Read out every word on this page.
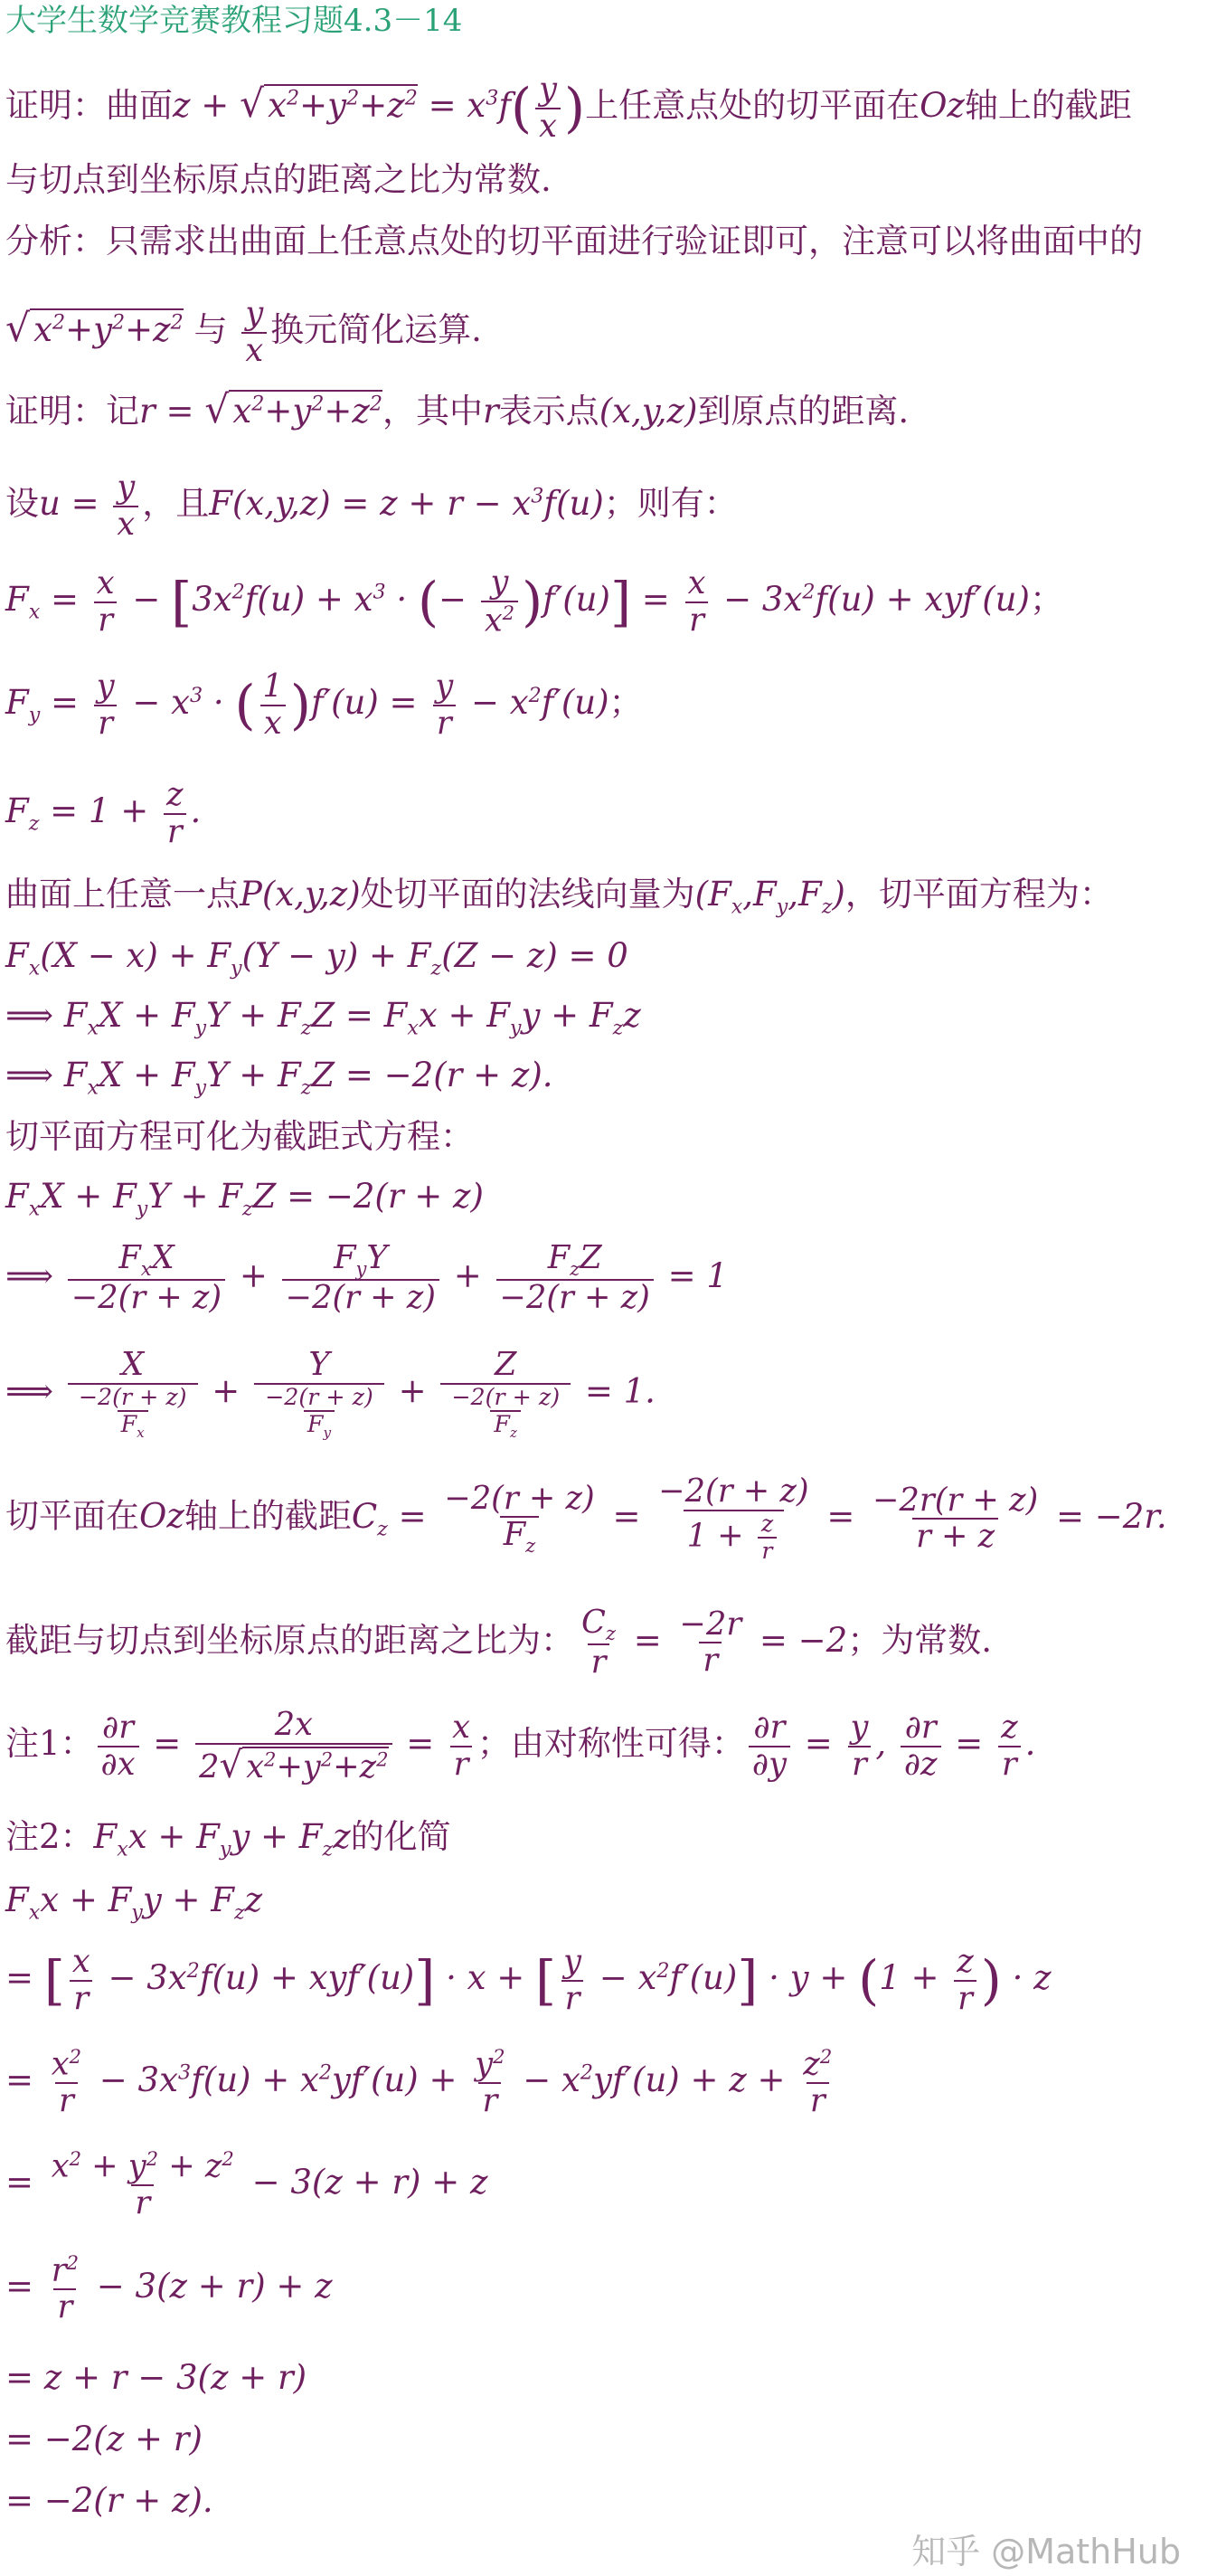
大学生数学竞赛教程习题4.3－14
证明：曲面z + √ $x^2+y^2+z^2 = x^3f( \frac{y}{x}$ )上任意点处的切平面在Oz轴上的截距
与切点到坐标原点的距离之比为常数.
分析：只需求出曲面上任意点处的切平面进行验证即可，注意可以将曲面中的
√ $x^2+y^2+z^2$ 与 $\frac{y}{x}$ 换元简化运算.
证明：记r = √ $x^2+y^2+z^2$，其中r表示点(x,y,z)到原点的距离.
设$u = \frac{y}{x}$ ，且$F(x,y,z) = z + r - x^3f(u)$；则有：
$F_x = \frac{x}{r} - [3x^2f(u) + x^3$ · (− $\frac{y}{x^2} )f'(u)] = \frac{x}{r} - 3x^2f(u) + xyf'(u)$；
$F_y = \frac{y}{r} - x^3$ · ( $\frac{1}{x} )f'(u) = \frac{y}{r} - x^2f'(u)$；
$F_z = 1 + \frac{z}{r}$ .
曲面上任意一点P(x,y,z)处切平面的法线向量为$(F_x,F_y,F_z)$，切平面方程为：
$F_x(X - x) + F_y(Y - y) + F_z(Z - z) = 0$
⟹ $F_xX + F_yY + F_zZ = F_xx + F_yy + F_zz$
⟹ $F_xX + F_yY + F_zZ = -2(r + z)$.
切平面方程可化为截距式方程：
$F_xX + F_yY + F_zZ = -2(r + z)$
⟹ $\frac{F_xX}{-2(r + z)} + \frac{F_yY}{-2(r + z)} + \frac{F_zZ}{-2(r + z)} = 1$
⟹ $\frac{X}{\frac{-2(r + z)}{F_x}} + \frac{Y}{\frac{-2(r + z)}{F_y}} + \frac{Z}{\frac{-2(r + z)}{F_z}} = 1$.
切平面在Oz轴上的截距$C_z = \frac{-2(r + z)}{F_z} = \frac{-2(r + z)}{1 + \frac{z}{r}} = \frac{-2r(r + z)}{r + z} = -2r$.
截距与切点到坐标原点的距离之比为： $\frac{C_z}{r} = \frac{-2r}{r} = -2$；为常数.
注1： $\frac{\partial r}{\partial x} = \frac{2x}{2√ x^2+y^2+z^2} = \frac{x}{r}$ ；由对称性可得： $\frac{\partial r}{\partial y} = \frac{y}{r}$ , $\frac{\partial r}{\partial z} = \frac{z}{r}$ .
注2：$F_xx + F_yy + F_zz$的化简
$F_xx + F_yy + F_zz$
= [ $\frac{x}{r} - 3x^2f(u) + xyf'(u)] \cdot x$ + [ $\frac{y}{r} - x^2f'(u)] \cdot y + (1 + \frac{z}{r}$ ) · z
= $\frac{x^2}{r} - 3x^3f(u) + x^2yf'(u) + \frac{y^2}{r} - x^2yf'(u) + z + \frac{z^2}{r}$
= $\frac{x^2 + y^2 + z^2}{r} - 3(z + r) + z$
= $\frac{r^2}{r} - 3(z + r) + z$
= z + r − 3(z + r)
= −2(z + r)
= −2(r + z).
知乎 @MathHub
